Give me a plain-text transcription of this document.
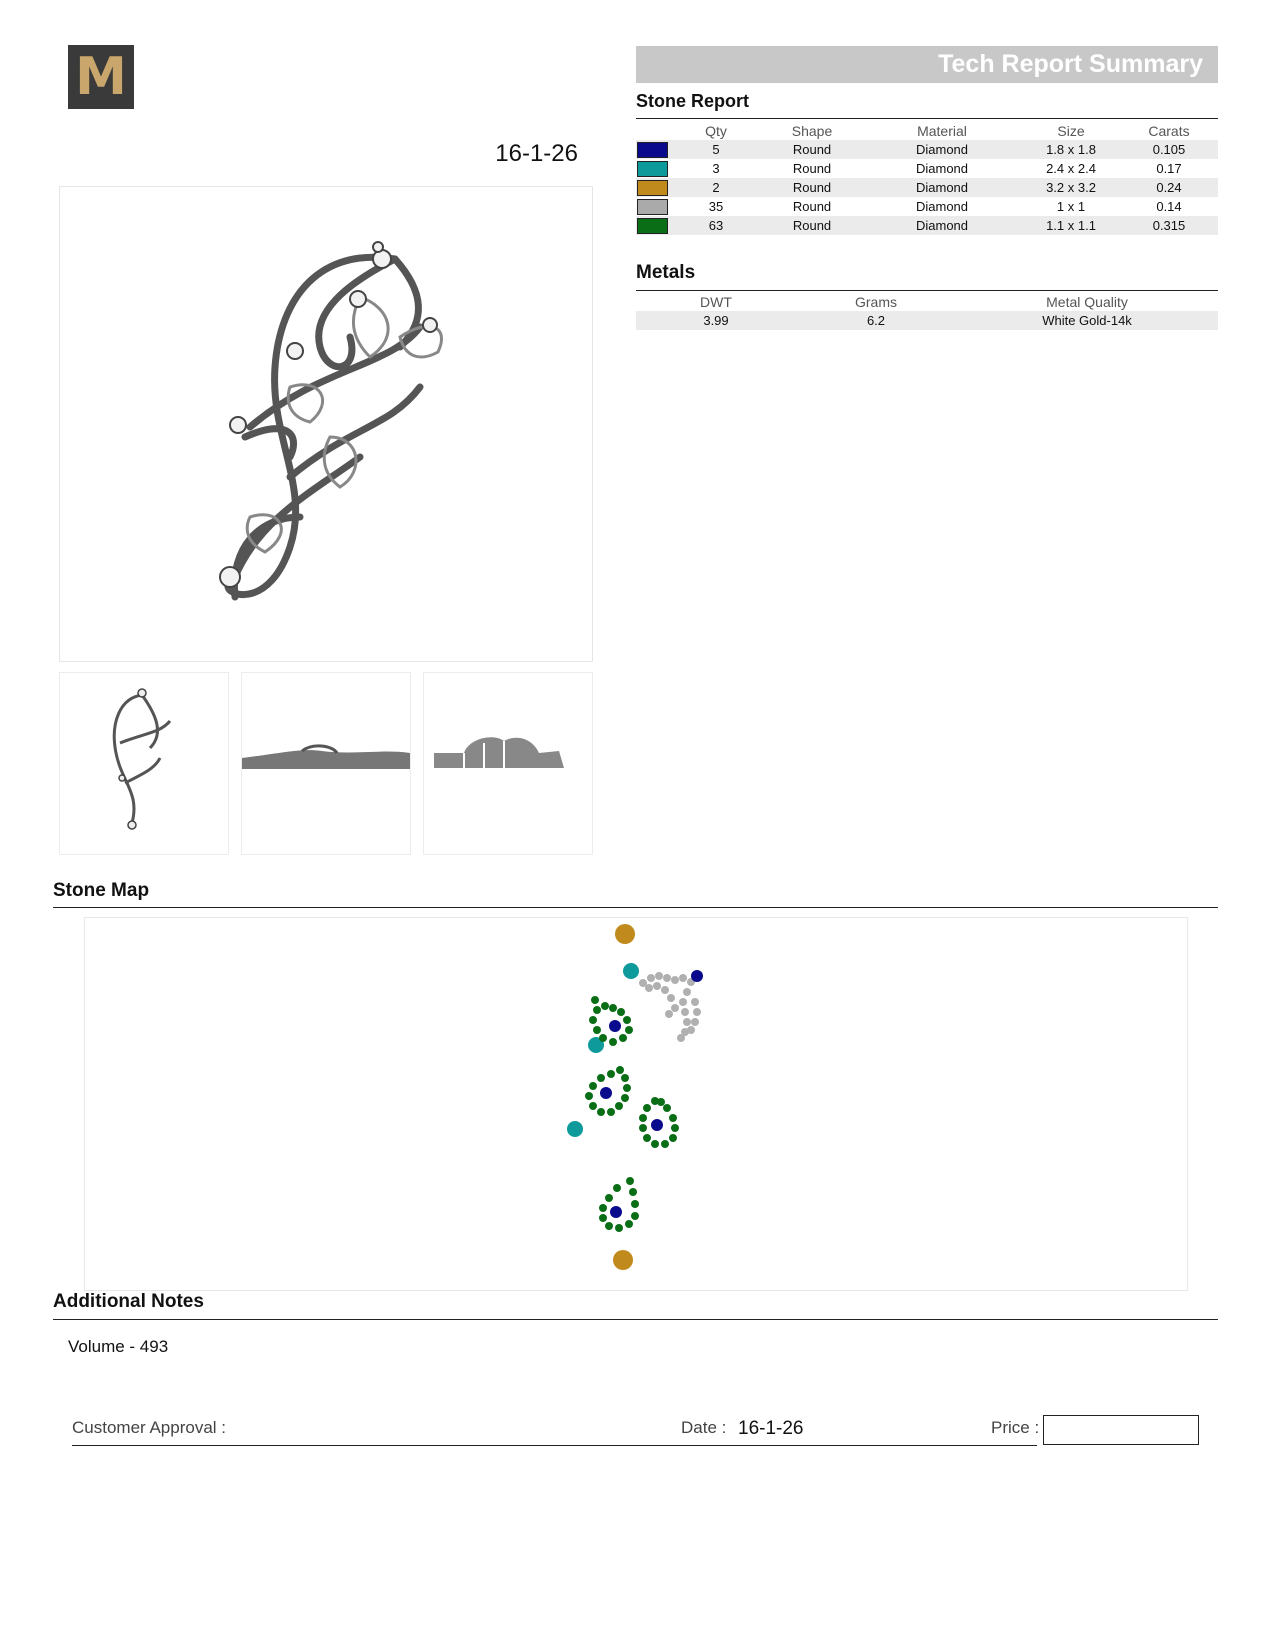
M
16-1-26
Tech Report Summary
Stone Report
	Qty	Shape	Material	Size	Carats

	5	Round	Diamond	1.8 x 1.8	0.105

	3	Round	Diamond	2.4 x 2.4	0.17

	2	Round	Diamond	3.2 x 3.2	0.24

	35	Round	Diamond	1 x 1	0.14

	63	Round	Diamond	1.1 x 1.1	0.315
Metals
DWT	Grams	Metal Quality
3.99	6.2	White Gold-14k
Stone Map
Additional Notes
Volume - 493
Customer Approval :	Date : 16-1-26	Price :
